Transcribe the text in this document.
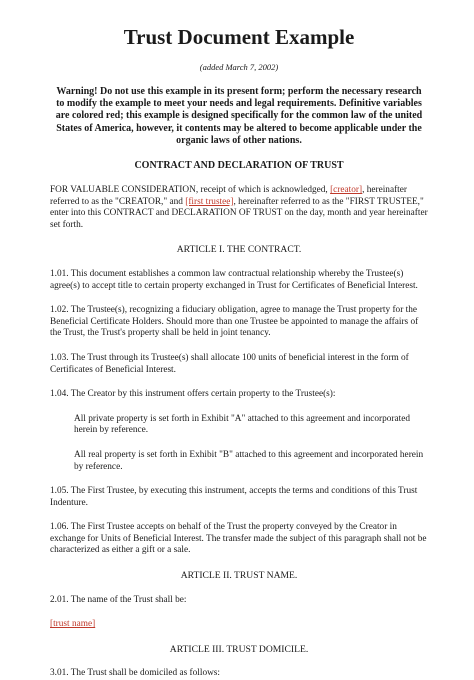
Trust Document Example
(added March 7, 2002)
Warning! Do not use this example in its present form; perform the necessary research to modify the example to meet your needs and legal requirements. Definitive variables are colored red; this example is designed specifically for the common law of the united States of America, however, it contents may be altered to become applicable under the organic laws of other nations.
CONTRACT AND DECLARATION OF TRUST

FOR VALUABLE CONSIDERATION, receipt of which is acknowledged, [creator], hereinafter referred to as the "CREATOR," and [first trustee], hereinafter referred to as the "FIRST TRUSTEE," enter into this CONTRACT and DECLARATION OF TRUST on the day, month and year hereinafter set forth.

ARTICLE I. THE CONTRACT.

1.01. This document establishes a common law contractual relationship whereby the Trustee(s) agree(s) to accept title to certain property exchanged in Trust for Certificates of Beneficial Interest.

1.02. The Trustee(s), recognizing a fiduciary obligation, agree to manage the Trust property for the Beneficial Certificate Holders. Should more than one Trustee be appointed to manage the affairs of the Trust, the Trust's property shall be held in joint tenancy.

1.03. The Trust through its Trustee(s) shall allocate 100 units of beneficial interest in the form of Certificates of Beneficial Interest.

1.04. The Creator by this instrument offers certain property to the Trustee(s):

All private property is set forth in Exhibit "A" attached to this agreement and incorporated herein by reference.

All real property is set forth in Exhibit "B" attached to this agreement and incorporated herein by reference.

1.05. The First Trustee, by executing this instrument, accepts the terms and conditions of this Trust Indenture.

1.06. The First Trustee accepts on behalf of the Trust the property conveyed by the Creator in exchange for Units of Beneficial Interest. The transfer made the subject of this paragraph shall not be characterized as either a gift or a sale.

ARTICLE II. TRUST NAME.

2.01. The name of the Trust shall be:

[trust name]

ARTICLE III. TRUST DOMICILE.

3.01. The Trust shall be domiciled as follows:
